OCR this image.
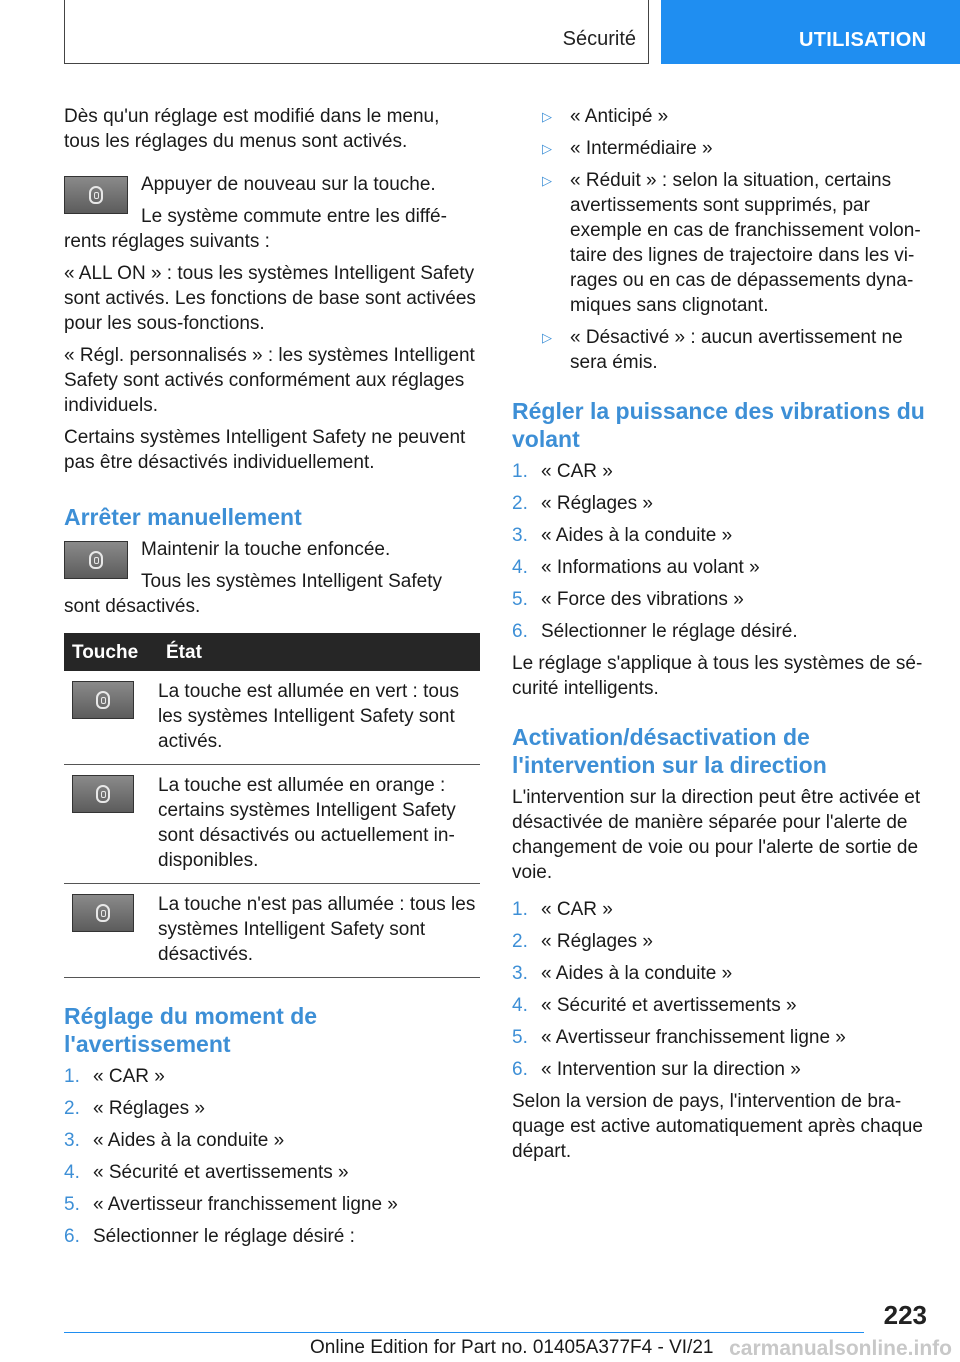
Sécurité	UTILISATION

Dès qu'un réglage est modifié dans le menu, tous les réglages du menus sont activés.

Appuyer de nouveau sur la touche.

Le système commute entre les différents réglages suivants :

« ALL ON » : tous les systèmes Intelligent Safety sont activés. Les fonctions de base sont activées pour les sous-fonctions.

« Régl. personnalisés » : les systèmes Intelligent Safety sont activés conformément aux réglages individuels.

Certains systèmes Intelligent Safety ne peuvent pas être désactivés individuellement.

Arrêter manuellement

Maintenir la touche enfoncée.

Tous les systèmes Intelligent Safety sont désactivés.

Touche	État

	La touche est allumée en vert : tous les systèmes Intelligent Safety sont activés.

	La touche est allumée en orange : certains systèmes Intelligent Safety sont désactivés ou actuellement indisponibles.

	La touche n'est pas allumée : tous les systèmes Intelligent Safety sont désactivés.
Réglage du moment de l'avertissement
1. « CAR »
2. « Réglages »
3. « Aides à la conduite »
4. « Sécurité et avertissements »
5. « Avertisseur franchissement ligne »
6. Sélectionner le réglage désiré :
▷ « Anticipé »
▷ « Intermédiaire »
▷ « Réduit » : selon la situation, certains avertissements sont supprimés, par exemple en cas de franchissement volontaire des lignes de trajectoire dans les virages ou en cas de dépassements dynamiques sans clignotant.
▷ « Désactivé » : aucun avertissement ne sera émis.
Régler la puissance des vibrations du volant
1. « CAR »
2. « Réglages »
3. « Aides à la conduite »
4. « Informations au volant »
5. « Force des vibrations »
6. Sélectionner le réglage désiré.

Le réglage s'applique à tous les systèmes de sécurité intelligents.

Activation/désactivation de l'intervention sur la direction

L'intervention sur la direction peut être activée et désactivée de manière séparée pour l'alerte de changement de voie ou pour l'alerte de sortie de voie.

1. « CAR »
2. « Réglages »
3. « Aides à la conduite »
4. « Sécurité et avertissements »
5. « Avertisseur franchissement ligne »
6. « Intervention sur la direction »

Selon la version de pays, l'intervention de braquage est active automatiquement après chaque départ.

223
Online Edition for Part no. 01405A377F4 - VI/21 carmanualsonline.info
